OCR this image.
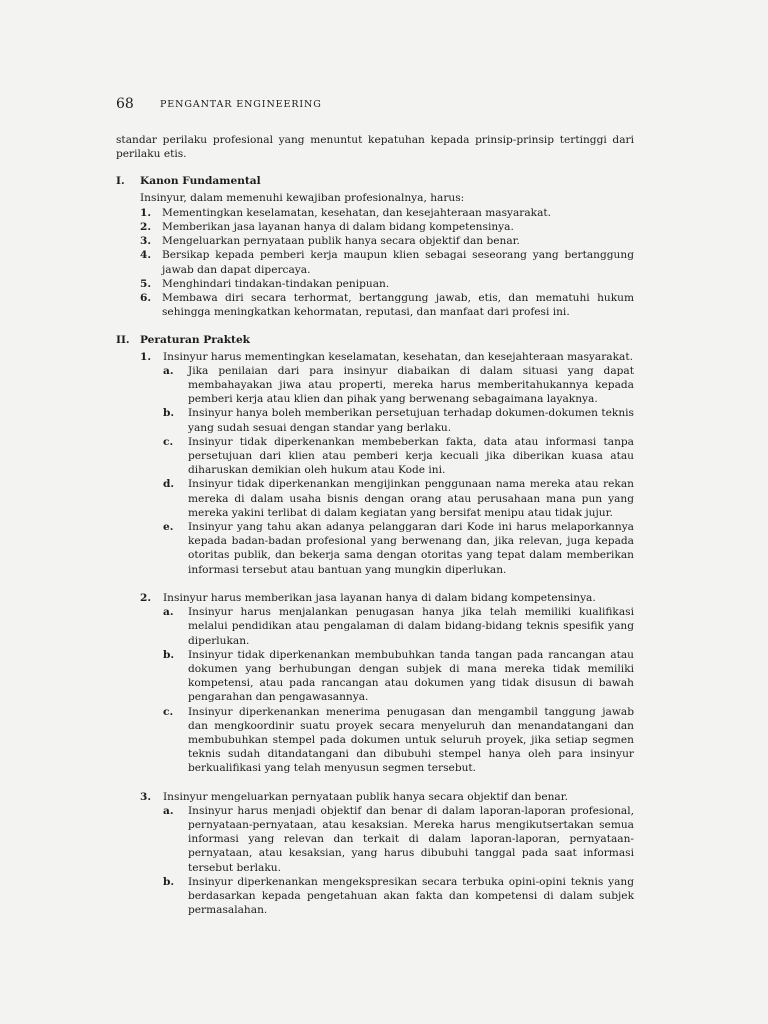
68	PENGANTAR ENGINEERING

standar perilaku profesional yang menuntut kepatuhan kepada prinsip-prinsip tertinggi dari perilaku etis.

I.	Kanon Fundamental

Insinyur, dalam memenuhi kewajiban profesionalnya, harus:

1.	Mementingkan keselamatan, kesehatan, dan kesejahteraan masyarakat.
2.	Memberikan jasa layanan hanya di dalam bidang kompetensinya.
3.	Mengeluarkan pernyataan publik hanya secara objektif dan benar.
4.	Bersikap kepada pemberi kerja maupun klien sebagai seseorang yang bertanggung jawab dan dapat dipercaya.
5.	Menghindari tindakan-tindakan penipuan.
6.	Membawa diri secara terhormat, bertanggung jawab, etis, dan mematuhi hukum sehingga meningkatkan kehormatan, reputasi, dan manfaat dari profesi ini.
II. Peraturan Praktek
1.	Insinyur harus mementingkan keselamatan, kesehatan, dan kesejahteraan masyarakat.
a.	Jika penilaian dari para insinyur diabaikan di dalam situasi yang dapat membahayakan jiwa atau properti, mereka harus memberitahukannya kepada pemberi kerja atau klien dan pihak yang berwenang sebagaimana layaknya.
b.	Insinyur hanya boleh memberikan persetujuan terhadap dokumen-dokumen teknis yang sudah sesuai dengan standar yang berlaku.
c.	Insinyur tidak diperkenankan membeberkan fakta, data atau informasi tanpa persetujuan dari klien atau pemberi kerja kecuali jika diberikan kuasa atau diharuskan demikian oleh hukum atau Kode ini.
d.	Insinyur tidak diperkenankan mengijinkan penggunaan nama mereka atau rekan mereka di dalam usaha bisnis dengan orang atau perusahaan mana pun yang mereka yakini terlibat di dalam kegiatan yang bersifat menipu atau tidak jujur.
e.	Insinyur yang tahu akan adanya pelanggaran dari Kode ini harus melaporkannya kepada badan-badan profesional yang berwenang dan, jika relevan, juga kepada otoritas publik, dan bekerja sama dengan otoritas yang tepat dalam memberikan informasi tersebut atau bantuan yang mungkin diperlukan.
2.	Insinyur harus memberikan jasa layanan hanya di dalam bidang kompetensinya.
a.	Insinyur harus menjalankan penugasan hanya jika telah memiliki kualifikasi melalui pendidikan atau pengalaman di dalam bidang-bidang teknis spesifik yang diperlukan.
b.	Insinyur tidak diperkenankan membubuhkan tanda tangan pada rancangan atau dokumen yang berhubungan dengan subjek di mana mereka tidak memiliki kompetensi, atau pada rancangan atau dokumen yang tidak disusun di bawah pengarahan dan pengawasannya.
c.	Insinyur diperkenankan menerima penugasan dan mengambil tanggung jawab dan mengkoordinir suatu proyek secara menyeluruh dan menandatangani dan membubuhkan stempel pada dokumen untuk seluruh proyek, jika setiap segmen teknis sudah ditandatangani dan dibubuhi stempel hanya oleh para insinyur berkualifikasi yang telah menyusun segmen tersebut.
3.	Insinyur mengeluarkan pernyataan publik hanya secara objektif dan benar.
a.	Insinyur harus menjadi objektif dan benar di dalam laporan-laporan profesional, pernyataan-pernyataan, atau kesaksian. Mereka harus mengikutsertakan semua informasi yang relevan dan terkait di dalam laporan-laporan, pernyataan-pernyataan, atau kesaksian, yang harus dibubuhi tanggal pada saat informasi tersebut berlaku.
b.	Insinyur diperkenankan mengekspresikan secara terbuka opini-opini teknis yang berdasarkan kepada pengetahuan akan fakta dan kompetensi di dalam subjek permasalahan.
